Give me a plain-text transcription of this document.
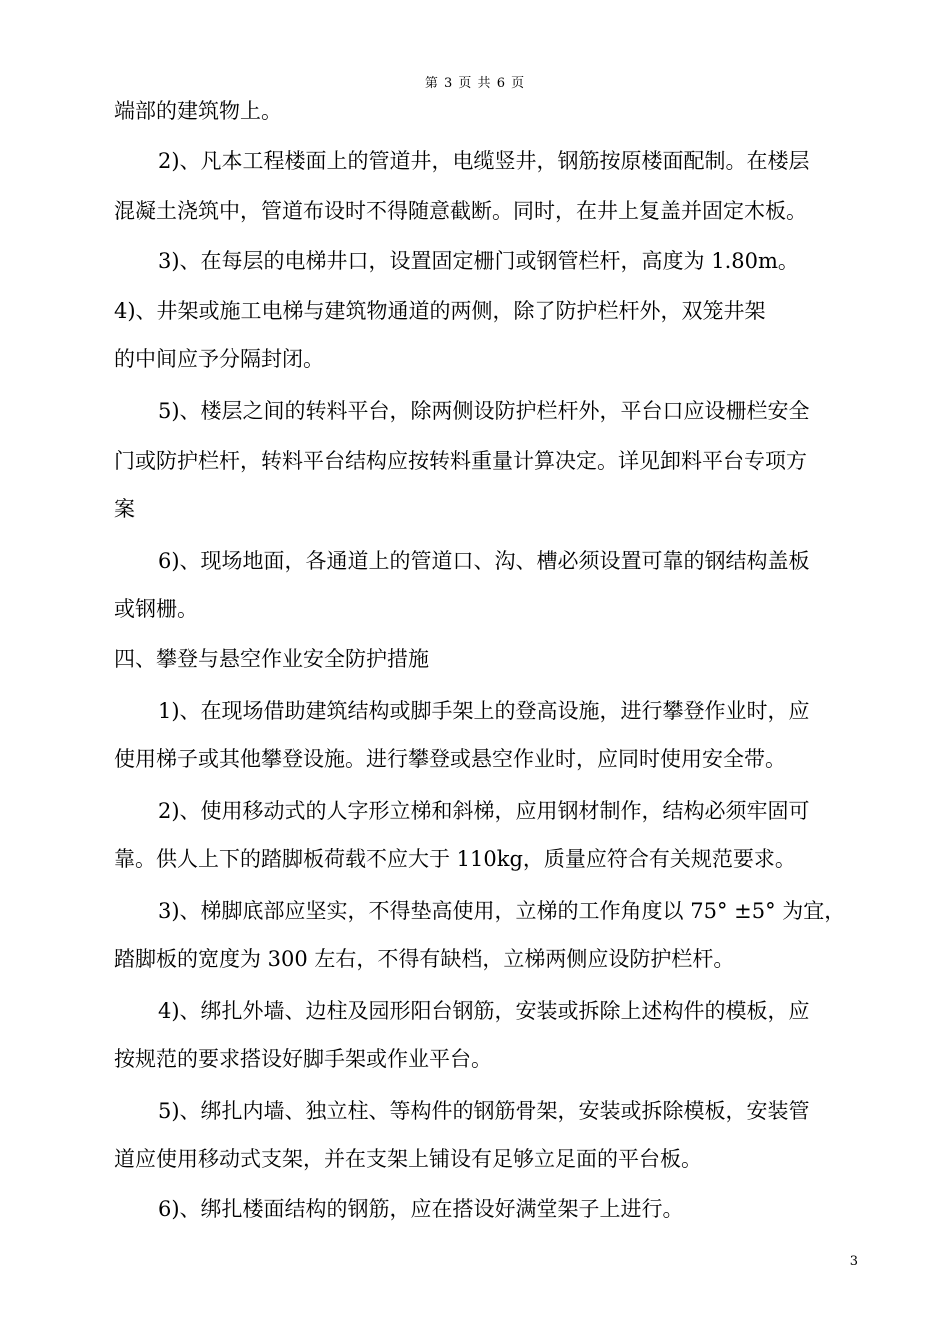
第 3 页 共 6 页
端部的建筑物上。
2)、凡本工程楼面上的管道井，电缆竖井，钢筋按原楼面配制。在楼层
混凝土浇筑中，管道布设时不得随意截断。同时，在井上复盖并固定木板。
3)、在每层的电梯井口，设置固定栅门或钢管栏杆，高度为 1.80m。
4)、井架或施工电梯与建筑物通道的两侧，除了防护栏杆外，双笼井架
的中间应予分隔封闭。
5)、楼层之间的转料平台，除两侧设防护栏杆外，平台口应设栅栏安全
门或防护栏杆，转料平台结构应按转料重量计算决定。详见卸料平台专项方
案
6)、现场地面，各通道上的管道口、沟、槽必须设置可靠的钢结构盖板
或钢栅。
四、攀登与悬空作业安全防护措施
1)、在现场借助建筑结构或脚手架上的登高设施，进行攀登作业时，应
使用梯子或其他攀登设施。进行攀登或悬空作业时，应同时使用安全带。
2)、使用移动式的人字形立梯和斜梯，应用钢材制作，结构必须牢固可
靠。供人上下的踏脚板荷载不应大于 110kg，质量应符合有关规范要求。
3)、梯脚底部应坚实，不得垫高使用，立梯的工作角度以 75° ±5° 为宜，
踏脚板的宽度为 300 左右，不得有缺档，立梯两侧应设防护栏杆。
4)、绑扎外墙、边柱及园形阳台钢筋，安装或拆除上述构件的模板，应
按规范的要求搭设好脚手架或作业平台。
5)、绑扎内墙、独立柱、等构件的钢筋骨架，安装或拆除模板，安装管
道应使用移动式支架，并在支架上铺设有足够立足面的平台板。
6)、绑扎楼面结构的钢筋，应在搭设好满堂架子上进行。
3
